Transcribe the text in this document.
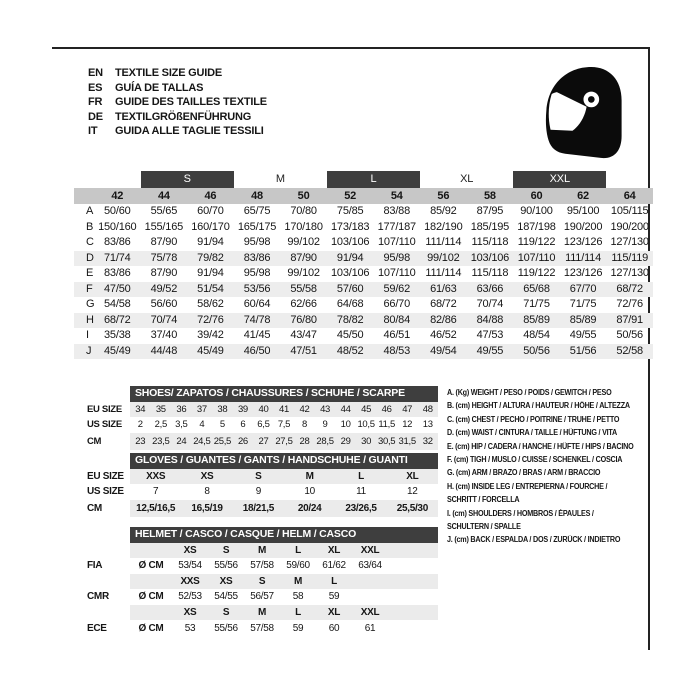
EN	TEXTILE SIZE GUIDE
ES	GUÍA DE TALLAS
FR	GUIDE DES TAILLES TEXTILE
DE	TEXTILGRÖßENFÜHRUNG
IT	GUIDA ALLE TAGLIE TESSILI
		S		M		L		XL		XXL		
	42	44	46	48	50	52	54	56	58	60	62	64
A	50/60	55/65	60/70	65/75	70/80	75/85	83/88	85/92	87/95	90/100	95/100	105/115
B	150/160	155/165	160/170	165/175	170/180	173/183	177/187	182/190	185/195	187/198	190/200	190/200
C	83/86	87/90	91/94	95/98	99/102	103/106	107/110	111/114	115/118	119/122	123/126	127/130
D	71/74	75/78	79/82	83/86	87/90	91/94	95/98	99/102	103/106	107/110	111/114	115/119
E	83/86	87/90	91/94	95/98	99/102	103/106	107/110	111/114	115/118	119/122	123/126	127/130
F	47/50	49/52	51/54	53/56	55/58	57/60	59/62	61/63	63/66	65/68	67/70	68/72
G	54/58	56/60	58/62	60/64	62/66	64/68	66/70	68/72	70/74	71/75	71/75	72/76
H	68/72	70/74	72/76	74/78	76/80	78/82	80/84	82/86	84/88	85/89	85/89	87/91
I	35/38	37/40	39/42	41/45	43/47	45/50	46/51	46/52	47/53	48/54	49/55	50/56
J	45/49	44/48	45/49	46/50	47/51	48/52	48/53	49/54	49/55	50/56	51/56	52/58
	SHOES/ ZAPATOS / CHAUSSURES / SCHUHE / SCARPE														
EU SIZE	34	35	36	37	38	39	40	41	42	43	44	45	46	47	48
US SIZE	2	2,5	3,5	4	5	6	6,5	7,5	8	9	10	10,5	11,5	12	13
CM	23	23,5	24	24,5	25,5	26	27	27,5	28	28,5	29	30	30,5	31,5	32
	GLOVES / GUANTES / GANTS / HANDSCHUHE / GUANTI					
EU SIZE	XXS	XS	S	M	L	XL
US SIZE	7	8	9	10	11	12
CM	12,5/16,5	16,5/19	18/21,5	20/24	23/26,5	25,5/30
	HELMET / CASCO / CASQUE / HELM / CASCO							
		XS	S	M	L	XL	XXL	
FIA	Ø CM	53/54	55/56	57/58	59/60	61/62	63/64	
		XXS	XS	S	M	L		
CMR	Ø CM	52/53	54/55	56/57	58	59		
		XS	S	M	L	XL	XXL	
ECE	Ø CM	53	55/56	57/58	59	60	61	
A. (Kg) WEIGHT / PESO / POIDS / GEWITCH / PESO
B. (cm) HEIGHT / ALTURA / HAUTEUR / HÖHE / ALTEZZA
C. (cm) CHEST / PECHO / POITRINE / TRUHE / PETTO
D. (cm) WAIST / CINTURA / TAILLE / HÜFTUNG / VITA
E. (cm) HIP / CADERA / HANCHE / HÜFTE / HIPS / BACINO
F. (cm) TIGH / MUSLO / CUISSE / SCHENKEL / COSCIA
G. (cm) ARM / BRAZO / BRAS / ARM / BRACCIO
H. (cm) INSIDE LEG / ENTREPIERNA / FOURCHE /
SCHRITT / FORCELLA
I. (cm) SHOULDERS / HOMBROS / ÉPAULES /
SCHULTERN / SPALLE
J. (cm) BACK / ESPALDA / DOS / ZURÜCK / INDIETRO
